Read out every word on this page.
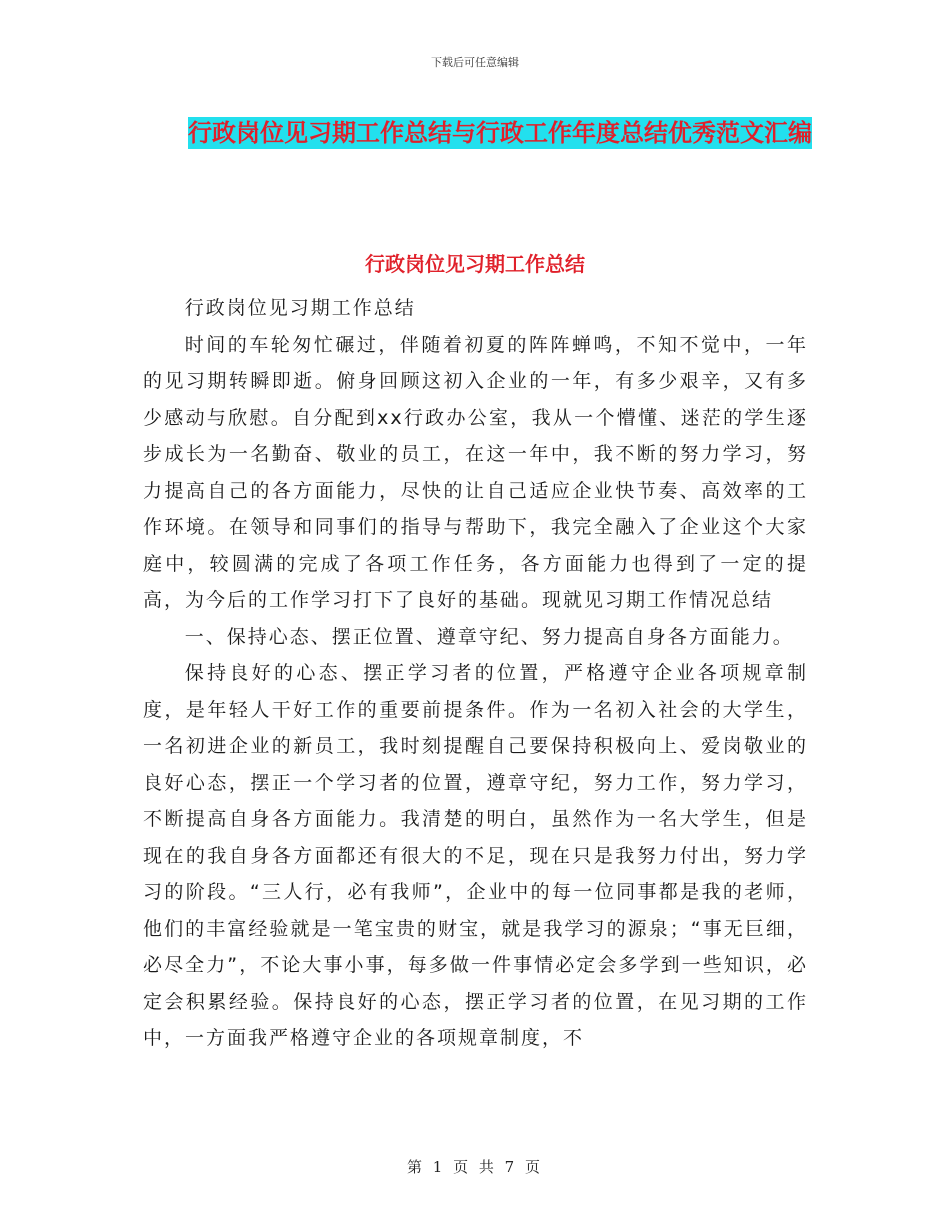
下载后可任意编辑
行政岗位见习期工作总结与行政工作年度总结优秀范文汇编
行政岗位见习期工作总结

行政岗位见习期工作总结

时间的车轮匆忙碾过，伴随着初夏的阵阵蝉鸣，不知不觉中，一年的见习期转瞬即逝。俯身回顾这初入企业的一年，有多少艰辛，又有多少感动与欣慰。自分配到xx行政办公室，我从一个懵懂、迷茫的学生逐步成长为一名勤奋、敬业的员工，在这一年中，我不断的努力学习，努力提高自己的各方面能力，尽快的让自己适应企业快节奏、高效率的工作环境。在领导和同事们的指导与帮助下，我完全融入了企业这个大家庭中，较圆满的完成了各项工作任务，各方面能力也得到了一定的提高，为今后的工作学习打下了良好的基础。现就见习期工作情况总结

一、保持心态、摆正位置、遵章守纪、努力提高自身各方面能力。

保持良好的心态、摆正学习者的位置，严格遵守企业各项规章制度，是年轻人干好工作的重要前提条件。作为一名初入社会的大学生，一名初进企业的新员工，我时刻提醒自己要保持积极向上、爱岗敬业的良好心态，摆正一个学习者的位置，遵章守纪，努力工作，努力学习，不断提高自身各方面能力。我清楚的明白，虽然作为一名大学生，但是现在的我自身各方面都还有很大的不足，现在只是我努力付出，努力学习的阶段。“三人行，必有我师”，企业中的每一位同事都是我的老师，他们的丰富经验就是一笔宝贵的财宝，就是我学习的源泉；“事无巨细，必尽全力”，不论大事小事，每多做一件事情必定会多学到一些知识，必定会积累经验。保持良好的心态，摆正学习者的位置，在见习期的工作中，一方面我严格遵守企业的各项规章制度，不

第 1 页 共 7 页
